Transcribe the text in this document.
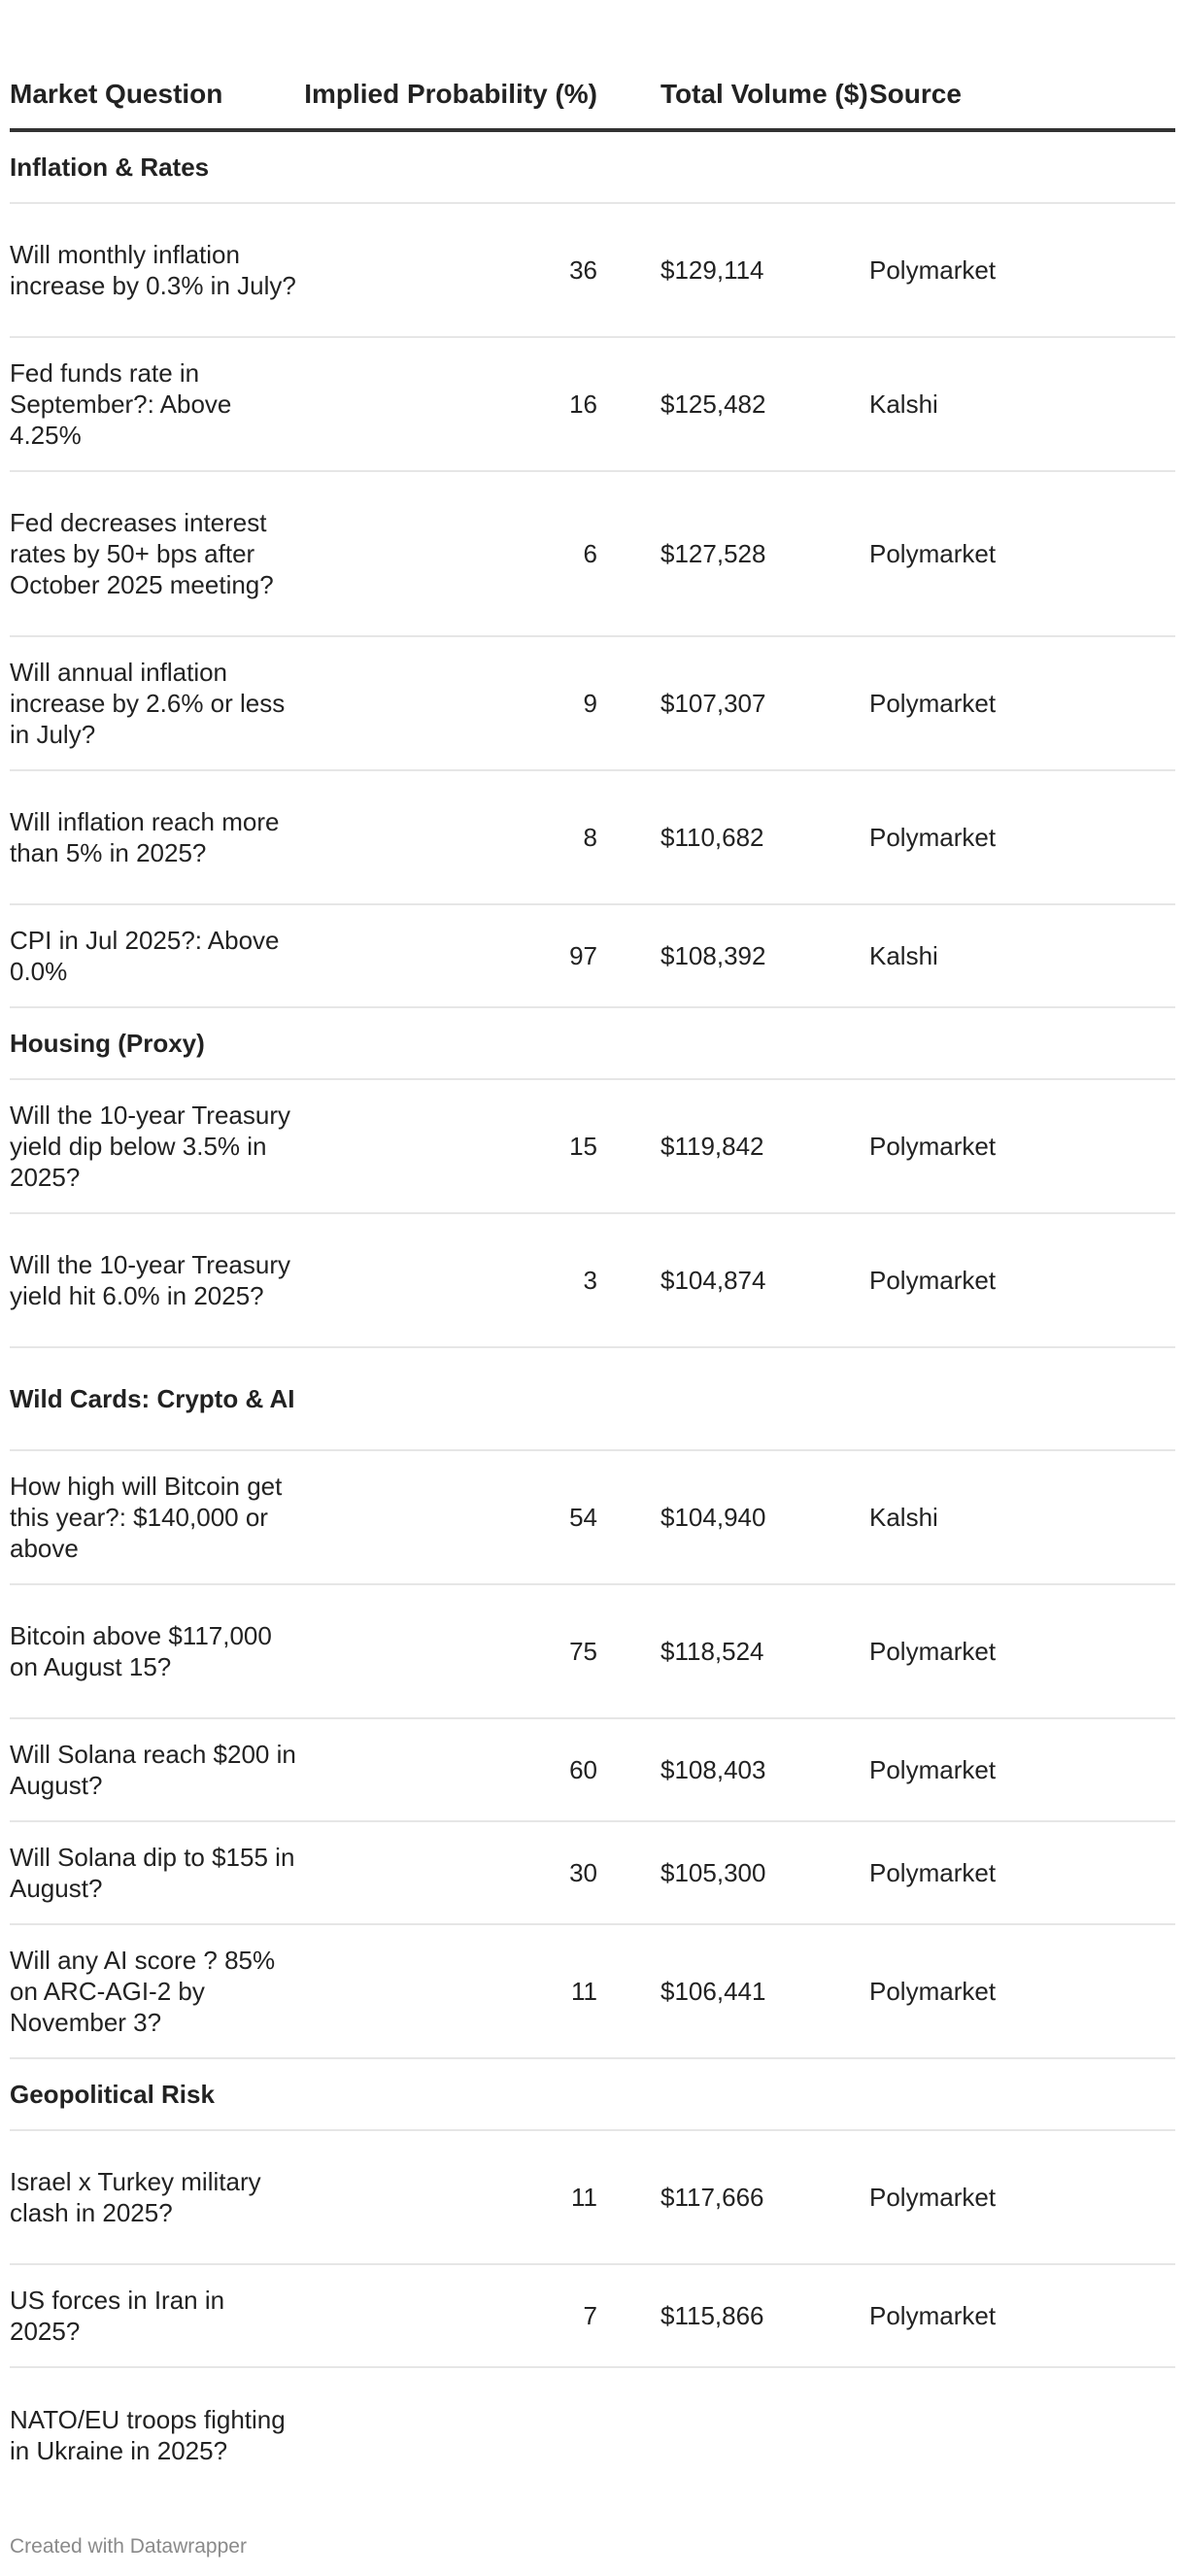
Market Question	Implied Probability (%)	Total Volume ($) Source
Inflation & Rates
Will monthly inflation increase by 0.3% in July?
36	$129,114	Polymarket
Fed funds rate in September?: Above 4.25%
16	$125,482	Kalshi
Fed decreases interest rates by 50+ bps after October 2025 meeting?
6	$127,528	Polymarket
Will annual inflation increase by 2.6% or less in July?
9	$107,307	Polymarket
Will inflation reach more than 5% in 2025?
8	$110,682	Polymarket
CPI in Jul 2025?: Above 0.0%
97	$108,392	Kalshi
Housing (Proxy)
Will the 10-year Treasury yield dip below 3.5% in 2025?
15	$119,842	Polymarket
Will the 10-year Treasury yield hit 6.0% in 2025?
3	$104,874	Polymarket
Wild Cards: Crypto & AI
How high will Bitcoin get this year?: $140,000 or above
54	$104,940	Kalshi
Bitcoin above $117,000 on August 15?
75	$118,524	Polymarket
Will Solana reach $200 in August?
60	$108,403	Polymarket
Will Solana dip to $155 in August?
30	$105,300	Polymarket
Will any AI score ? 85% on ARC-AGI-2 by November 3?
11	$106,441	Polymarket
Geopolitical Risk
Israel x Turkey military clash in 2025?
11	$117,666	Polymarket
US forces in Iran in 2025?
7	$115,866	Polymarket
NATO/EU troops fighting in Ukraine in 2025?
Created with Datawrapper
